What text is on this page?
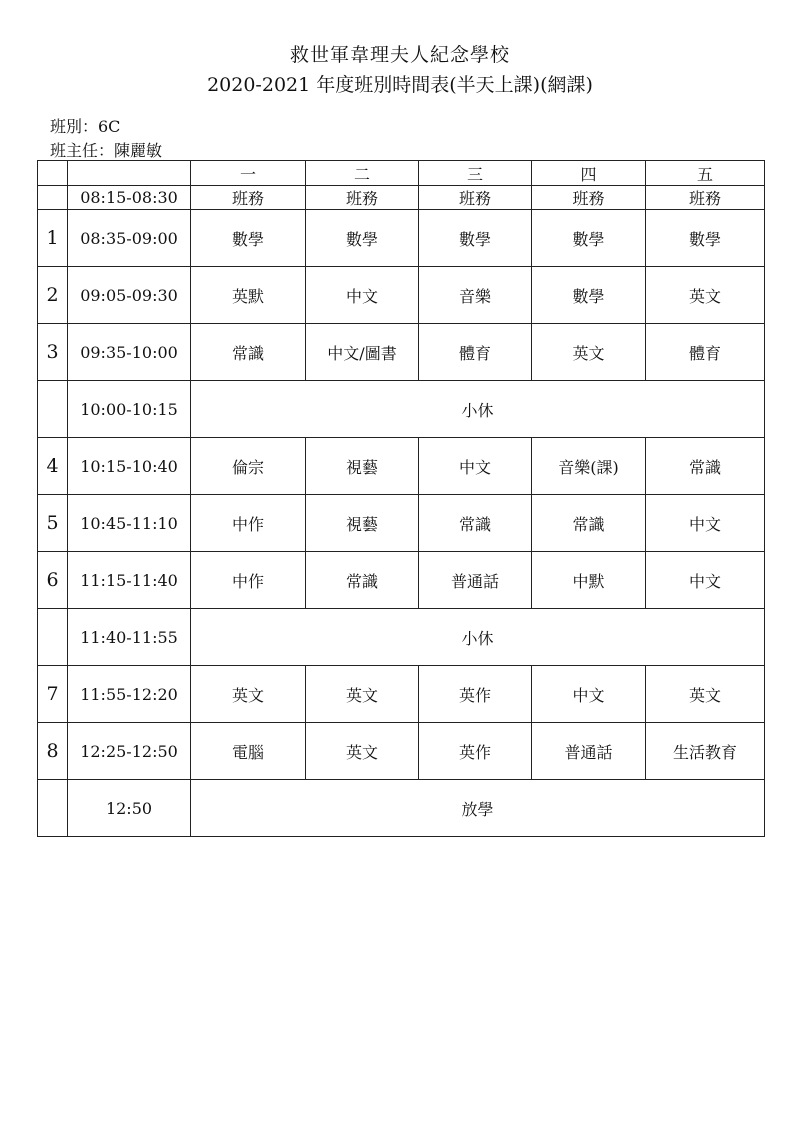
救世軍韋理夫人紀念學校
2020-2021 年度班別時間表(半天上課)(網課)
班別：6C
班主任：陳麗敏
		一	二	三	四	五
	08:15-08:30	班務	班務	班務	班務	班務
1	08:35-09:00	數學	數學	數學	數學	數學
2	09:05-09:30	英默	中文	音樂	數學	英文
3	09:35-10:00	常識	中文/圖書	體育	英文	體育
	10:00-10:15	小休				
4	10:15-10:40	倫宗	視藝	中文	音樂(課)	常識
5	10:45-11:10	中作	視藝	常識	常識	中文
6	11:15-11:40	中作	常識	普通話	中默	中文
	11:40-11:55	小休				
7	11:55-12:20	英文	英文	英作	中文	英文
8	12:25-12:50	電腦	英文	英作	普通話	生活教育
	12:50	放學				
